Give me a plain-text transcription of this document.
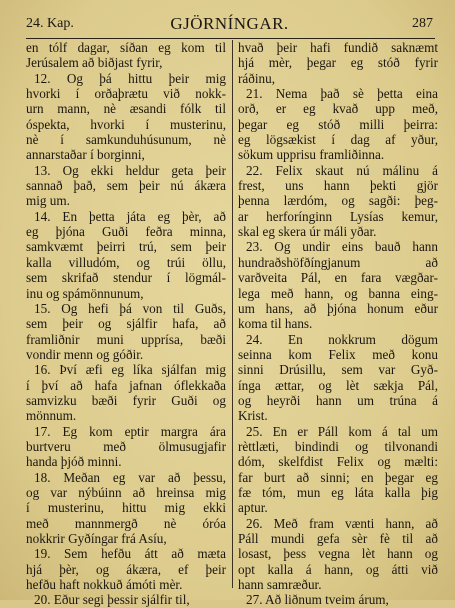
24. Kap.	GJÖRNÍNGAR.	287
en tólf dagar, síðan eg kom til
Jerúsalem að biðjast fyrir,
12. Og þá hittu þeir mig
hvorki í orðaþrætu við nokk-
urn mann, nè æsandi fólk til
óspekta, hvorki í musterinu,
nè í samkunduhúsunum, nè
annarstaðar í borginni,
13. Og ekki heldur geta þeir
sannað það, sem þeir nú ákæra
mig um.
14. En þetta játa eg þèr, að
eg þjóna Guði feðra minna,
samkvæmt þeirri trú, sem þeir
kalla villudóm, og trúi öllu,
sem skrifað stendur í lögmál-
inu og spámönnunum,
15. Og hefi þá von til Guðs,
sem þeir og sjálfir hafa, að
framliðnir muni upprísa, bæði
vondir menn og góðir.
16. Því æfi eg líka sjálfan mig
í því að hafa jafnan óflekkaða
samvizku bæði fyrir Guði og
mönnum.
17. Eg kom eptir margra ára
burtveru með ölmusugjafir
handa þjóð minni.
18. Meðan eg var að þessu,
og var nýbúinn að hreinsa mig
í musterinu, hittu mig ekki
með mannmergð nè óróa
nokkrir Gyðíngar frá Asíu,
19. Sem hefðu átt að mæta
hjá þèr, og ákæra, ef þeir
hefðu haft nokkuð ámóti mèr.
20. Eður segi þessir sjálfir til,
hvað þeir hafi fundið saknæmt
hjá mèr, þegar eg stóð fyrir
ráðinu,
21. Nema það sè þetta eina
orð, er eg kvað upp með,
þegar eg stóð milli þeirra:
eg lögsækist í dag af yður,
sökum upprisu framliðinna.
22. Felix skaut nú málinu á
frest, uns hann þekti gjör
þenna lærdóm, og sagði: þeg-
ar herforínginn Lysías kemur,
skal eg skera úr máli yðar.
23. Og undir eins bauð hann
hundraðshöfðíngjanum að
varðveita Pál, en fara vægðar-
lega með hann, og banna eing-
um hans, að þjóna honum eður
koma til hans.
24. En nokkrum dögum
seinna kom Felix með konu
sinni Drúsillu, sem var Gyð-
ínga ættar, og lèt sækja Pál,
og heyrði hann um trúna á
Krist.
25. En er Páll kom á tal um
rèttlæti, bindindi og tilvonandi
dóm, skelfdist Felix og mælti:
far burt að sinni; en þegar eg
fæ tóm, mun eg láta kalla þig
aptur.
26. Með fram vænti hann, að
Páll mundi gefa sèr fè til að
losast, þess vegna lèt hann og
opt kalla á hann, og átti við
hann samræður.
27. Að liðnum tveim árum,
